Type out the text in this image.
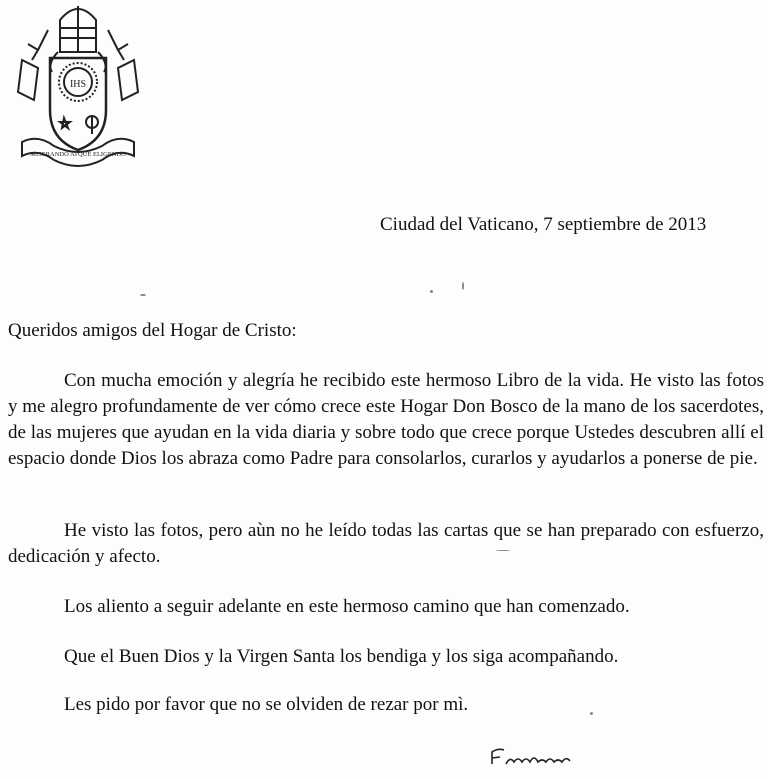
IHS
MISERANDO ATQUE ELIGENDO
Ciudad del Vaticano, 7 septiembre de 2013
Queridos amigos del Hogar de Cristo:
Con mucha emoción y alegría he recibido este hermoso Libro de la vida. He visto las fotos y me alegro profundamente de ver cómo crece este Hogar Don Bosco de la mano de los sacerdotes, de las mujeres que ayudan en la vida diaria y sobre todo que crece porque Ustedes descubren allí el espacio donde Dios los abraza como Padre para consolarlos, curarlos y ayudarlos a ponerse de pie.
He visto las fotos, pero aùn no he leído todas las cartas que se han preparado con esfuerzo, dedicación y afecto.
Los aliento a seguir adelante en este hermoso camino que han comenzado.
Que el Buen Dios y la Virgen Santa los bendiga y los siga acompañando.
Les pido por favor que no se olviden de rezar por mì.
